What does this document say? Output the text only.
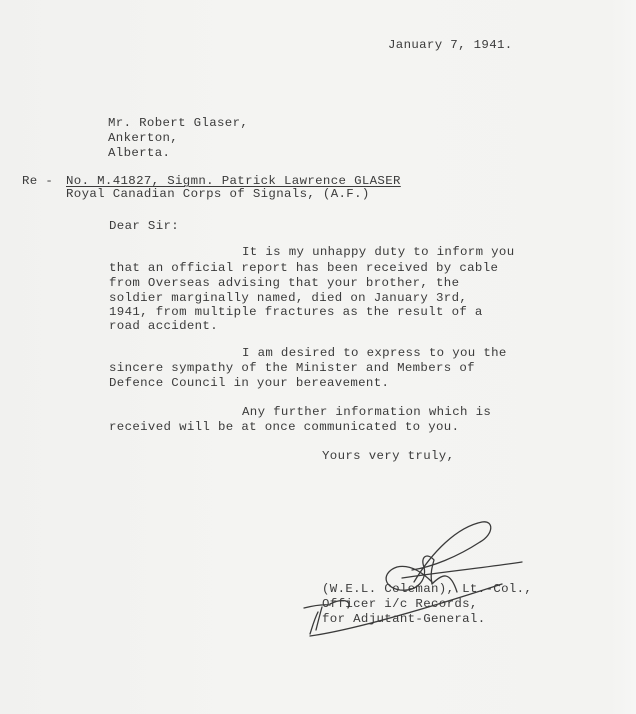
January 7, 1941.
Mr. Robert Glaser,
Ankerton,
Alberta.
Re - No. M.41827, Sigmn. Patrick Lawrence GLASER
Royal Canadian Corps of Signals, (A.F.)
Dear Sir:
It is my unhappy duty to inform you
that an official report has been received by cable
from Overseas advising that your brother, the
soldier marginally named, died on January 3rd,
1941, from multiple fractures as the result of a
road accident.
I am desired to express to you the
sincere sympathy of the Minister and Members of
Defence Council in your bereavement.
Any further information which is
received will be at once communicated to you.
Yours very truly,
(W.E.L. Coleman), Lt.-Col.,
Officer i/c Records,
for Adjutant-General.
